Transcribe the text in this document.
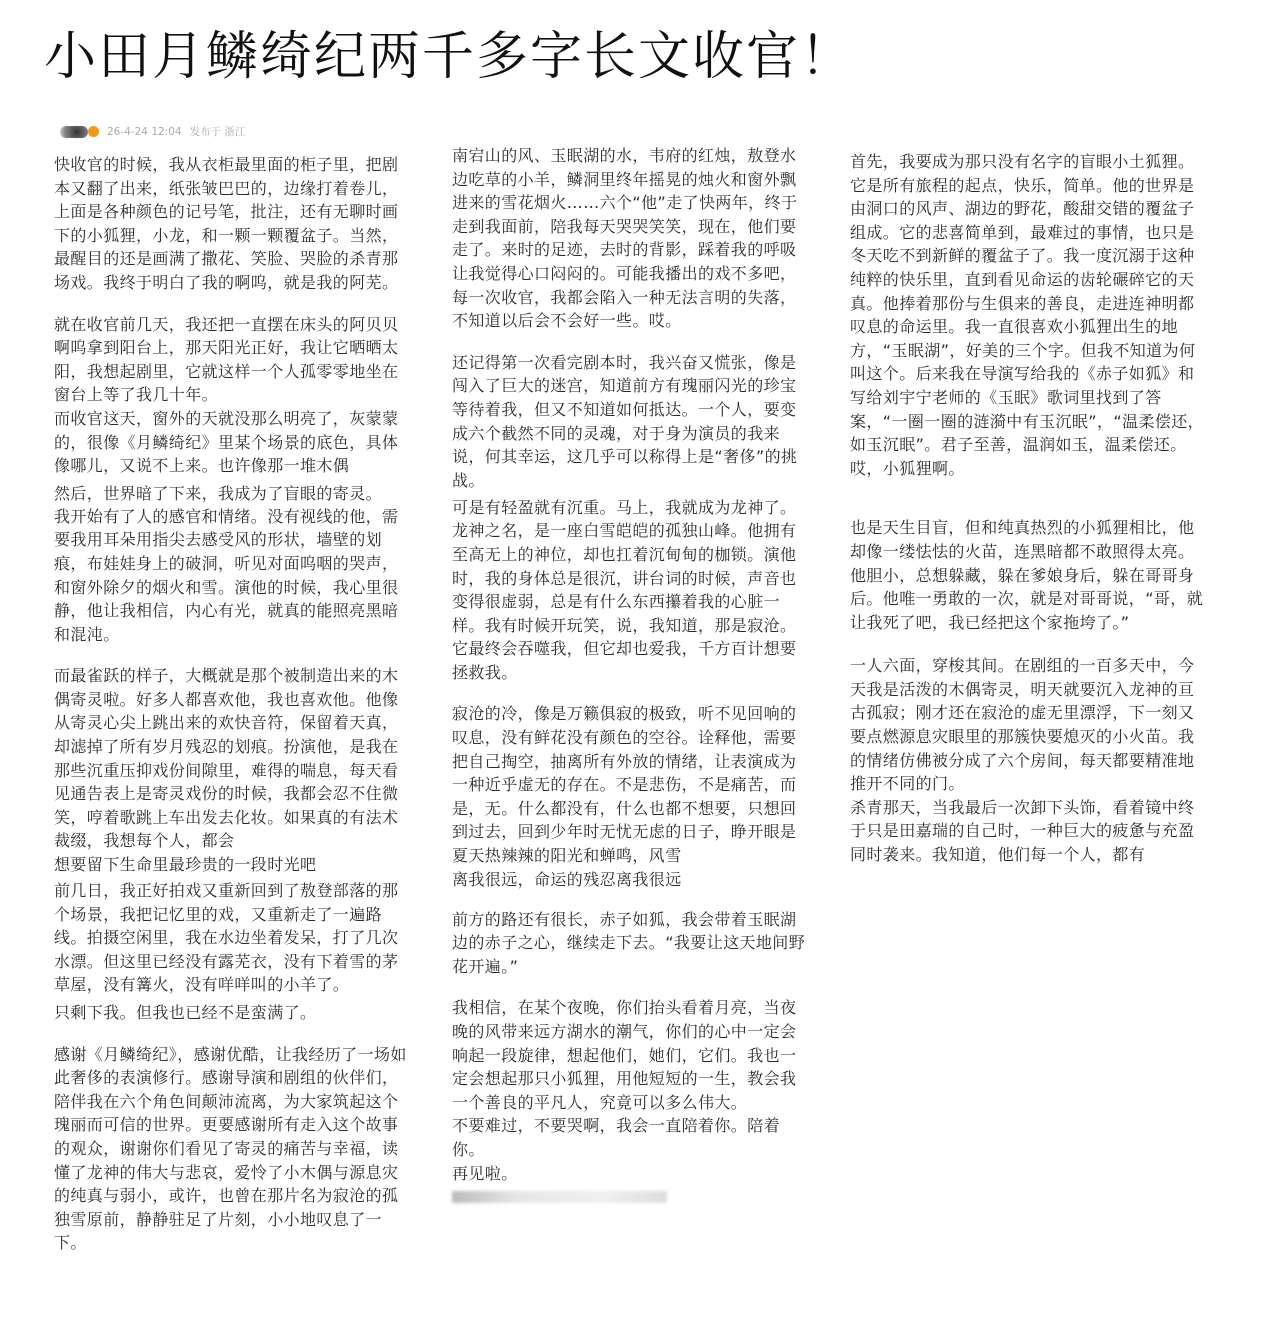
小田月鳞绮纪两千多字长文收官！
26-4-24 12:04 发布于 浙江

快收官的时候，我从衣柜最里面的柜子里，把剧本又翻了出来，纸张皱巴巴的，边缘打着卷儿，上面是各种颜色的记号笔，批注，还有无聊时画下的小狐狸，小龙，和一颗一颗覆盆子。当然，最醒目的还是画满了撒花、笑脸、哭脸的杀青那场戏。我终于明白了我的啊呜，就是我的阿芜。

就在收官前几天，我还把一直摆在床头的阿贝贝啊呜拿到阳台上，那天阳光正好，我让它晒晒太阳，我想起剧里，它就这样一个人孤零零地坐在窗台上等了我几十年。

而收官这天，窗外的天就没那么明亮了，灰蒙蒙的，很像《月鳞绮纪》里某个场景的底色，具体像哪儿，又说不上来。也许像那一堆木偶

然后，世界暗了下来，我成为了盲眼的寄灵。

我开始有了人的感官和情绪。没有视线的他，需要我用耳朵用指尖去感受风的形状，墙壁的划痕，布娃娃身上的破洞，听见对面呜咽的哭声，和窗外除夕的烟火和雪。演他的时候，我心里很静，他让我相信，内心有光，就真的能照亮黑暗和混沌。

而最雀跃的样子，大概就是那个被制造出来的木偶寄灵啦。好多人都喜欢他，我也喜欢他。他像从寄灵心尖上跳出来的欢快音符，保留着天真，却滤掉了所有岁月残忍的划痕。扮演他，是我在那些沉重压抑戏份间隙里，难得的喘息，每天看见通告表上是寄灵戏份的时候，我都会忍不住微笑，哼着歌跳上车出发去化妆。如果真的有法术裁缀，我想每个人，都会

想要留下生命里最珍贵的一段时光吧

前几日，我正好拍戏又重新回到了敖登部落的那个场景，我把记忆里的戏，又重新走了一遍路线。拍摄空闲里，我在水边坐着发呆，打了几次水漂。但这里已经没有露芜衣，没有下着雪的茅草屋，没有篝火，没有咩咩叫的小羊了。

只剩下我。但我也已经不是蛮满了。

感谢《月鳞绮纪》，感谢优酷，让我经历了一场如此奢侈的表演修行。感谢导演和剧组的伙伴们，陪伴我在六个角色间颠沛流离，为大家筑起这个瑰丽而可信的世界。更要感谢所有走入这个故事的观众，谢谢你们看见了寄灵的痛苦与幸福，读懂了龙神的伟大与悲哀，爱怜了小木偶与源息灾的纯真与弱小，或许，也曾在那片名为寂沧的孤独雪原前，静静驻足了片刻，小小地叹息了一下。

南宕山的风、玉眠湖的水，韦府的红烛，敖登水边吃草的小羊，鳞洞里终年摇晃的烛火和窗外飘进来的雪花烟火……六个“他”走了快两年，终于走到我面前，陪我每天哭哭笑笑，现在，他们要走了。来时的足迹，去时的背影，踩着我的呼吸让我觉得心口闷闷的。可能我播出的戏不多吧，每一次收官，我都会陷入一种无法言明的失落，不知道以后会不会好一些。哎。

还记得第一次看完剧本时，我兴奋又慌张，像是闯入了巨大的迷宫，知道前方有瑰丽闪光的珍宝等待着我，但又不知道如何抵达。一个人，要变成六个截然不同的灵魂，对于身为演员的我来说，何其幸运，这几乎可以称得上是“奢侈”的挑战。

可是有轻盈就有沉重。马上，我就成为龙神了。

龙神之名，是一座白雪皑皑的孤独山峰。他拥有至高无上的神位，却也扛着沉甸甸的枷锁。演他时，我的身体总是很沉，讲台词的时候，声音也变得很虚弱，总是有什么东西攥着我的心脏一样。我有时候开玩笑，说，我知道，那是寂沧。它最终会吞噬我，但它却也爱我，千方百计想要拯救我。

寂沧的冷，像是万籁俱寂的极致，听不见回响的叹息，没有鲜花没有颜色的空谷。诠释他，需要把自己掏空，抽离所有外放的情绪，让表演成为一种近乎虚无的存在。不是悲伤，不是痛苦，而是，无。什么都没有，什么也都不想要，只想回到过去，回到少年时无忧无虑的日子，睁开眼是夏天热辣辣的阳光和蝉鸣，风雪

离我很远，命运的残忍离我很远

前方的路还有很长，赤子如狐，我会带着玉眠湖边的赤子之心，继续走下去。“我要让这天地间野花开遍。”

我相信，在某个夜晚，你们抬头看着月亮，当夜晚的风带来远方湖水的潮气，你们的心中一定会响起一段旋律，想起他们，她们，它们。我也一定会想起那只小狐狸，用他短短的一生，教会我一个善良的平凡人，究竟可以多么伟大。

不要难过，不要哭啊，我会一直陪着你。陪着你。

再见啦。

首先，我要成为那只没有名字的盲眼小土狐狸。它是所有旅程的起点，快乐，简单。他的世界是由洞口的风声、湖边的野花，酸甜交错的覆盆子组成。它的悲喜简单到，最难过的事情，也只是冬天吃不到新鲜的覆盆子了。我一度沉溺于这种纯粹的快乐里，直到看见命运的齿轮碾碎它的天真。他捧着那份与生俱来的善良，走进连神明都叹息的命运里。我一直很喜欢小狐狸出生的地方，“玉眠湖”，好美的三个字。但我不知道为何叫这个。后来我在导演写给我的《赤子如狐》和写给刘宇宁老师的《玉眠》歌词里找到了答案，“一圈一圈的涟漪中有玉沉眠”，“温柔偿还，如玉沉眠”。君子至善，温润如玉，温柔偿还。哎，小狐狸啊。

也是天生目盲，但和纯真热烈的小狐狸相比，他却像一缕怯怯的火苗，连黑暗都不敢照得太亮。他胆小，总想躲藏，躲在爹娘身后，躲在哥哥身后。他唯一勇敢的一次，就是对哥哥说，“哥，就让我死了吧，我已经把这个家拖垮了。”

一人六面，穿梭其间。在剧组的一百多天中，今天我是活泼的木偶寄灵，明天就要沉入龙神的亘古孤寂；刚才还在寂沧的虚无里漂浮，下一刻又要点燃源息灾眼里的那簇快要熄灭的小火苗。我的情绪仿佛被分成了六个房间，每天都要精准地推开不同的门。

杀青那天，当我最后一次卸下头饰，看着镜中终于只是田嘉瑞的自己时，一种巨大的疲惫与充盈同时袭来。我知道，他们每一个人，都有
